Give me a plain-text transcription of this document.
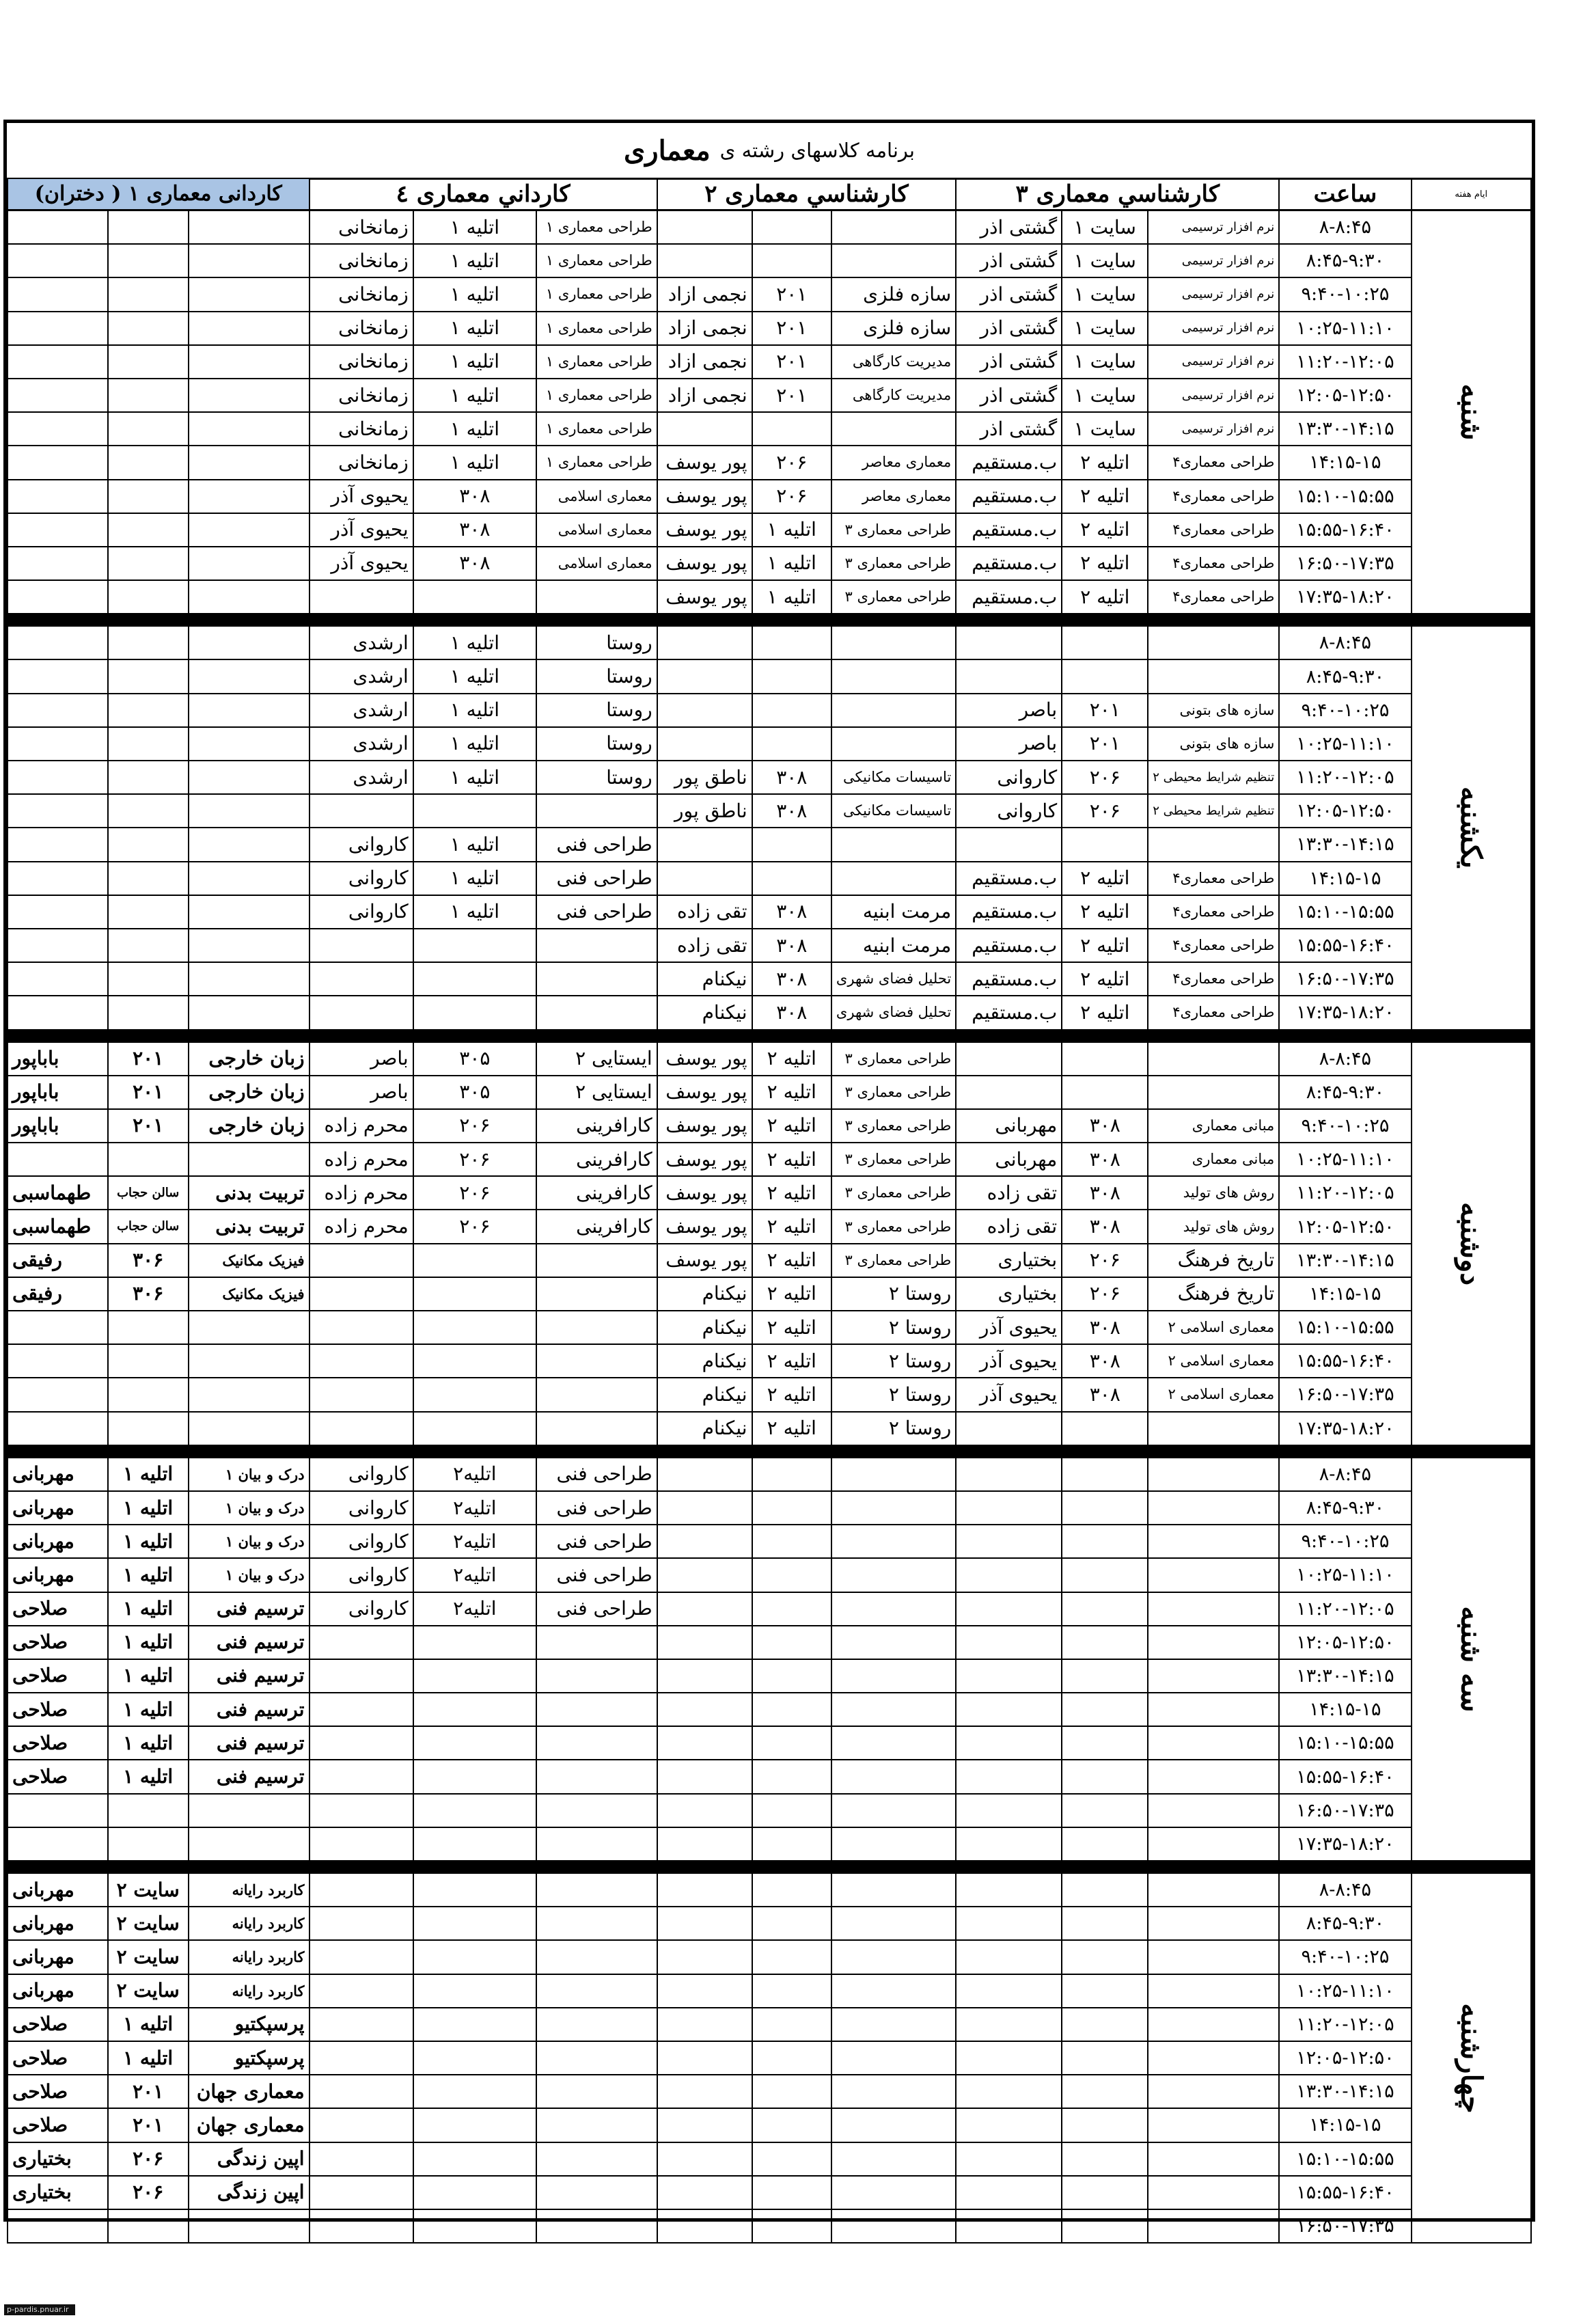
برنامه کلاسهای رشته ی
معماری
ایام هفته	ساعت	کارشناسي معماری ۳			کارشناسي معماری ۲			کارداني معماری ٤			کاردانی معماری ۱ ( دختران)		
شنبه	۸-۸:۴۵	نرم افزار ترسیمی	سایت ۱	گشتی اذر				طراحی معماری ۱	اتلیه ۱	زمانخانی			
	۸:۴۵-۹:۳۰	نرم افزار ترسیمی	سایت ۱	گشتی اذر				طراحی معماری ۱	اتلیه ۱	زمانخانی			
	۹:۴۰-۱۰:۲۵	نرم افزار ترسیمی	سایت ۱	گشتی اذر	سازه فلزی	۲۰۱	نجمی ازاد	طراحی معماری ۱	اتلیه ۱	زمانخانی			
	۱۰:۲۵-۱۱:۱۰	نرم افزار ترسیمی	سایت ۱	گشتی اذر	سازه فلزی	۲۰۱	نجمی ازاد	طراحی معماری ۱	اتلیه ۱	زمانخانی			
	۱۱:۲۰-۱۲:۰۵	نرم افزار ترسیمی	سایت ۱	گشتی اذر	مدیریت کارگاهی	۲۰۱	نجمی ازاد	طراحی معماری ۱	اتلیه ۱	زمانخانی			
	۱۲:۰۵-۱۲:۵۰	نرم افزار ترسیمی	سایت ۱	گشتی اذر	مدیریت کارگاهی	۲۰۱	نجمی ازاد	طراحی معماری ۱	اتلیه ۱	زمانخانی			
	۱۳:۳۰-۱۴:۱۵	نرم افزار ترسیمی	سایت ۱	گشتی اذر				طراحی معماری ۱	اتلیه ۱	زمانخانی			
	۱۴:۱۵-۱۵	طراحی معماری۴	اتلیه ۲	ب.مستقیم	معماری معاصر	۲۰۶	پور یوسف	طراحی معماری ۱	اتلیه ۱	زمانخانی			
	۱۵:۱۰-۱۵:۵۵	طراحی معماری۴	اتلیه ۲	ب.مستقیم	معماری معاصر	۲۰۶	پور یوسف	معماری اسلامی	۳۰۸	یحیوی آذر			
	۱۵:۵۵-۱۶:۴۰	طراحی معماری۴	اتلیه ۲	ب.مستقیم	طراحی معماری ۳	اتلیه ۱	پور یوسف	معماری اسلامی	۳۰۸	یحیوی آذر			
	۱۶:۵۰-۱۷:۳۵	طراحی معماری۴	اتلیه ۲	ب.مستقیم	طراحی معماری ۳	اتلیه ۱	پور یوسف	معماری اسلامی	۳۰۸	یحیوی آذر			
	۱۷:۳۵-۱۸:۲۰	طراحی معماری۴	اتلیه ۲	ب.مستقیم	طراحی معماری ۳	اتلیه ۱	پور یوسف						

یکشنبه	۸-۸:۴۵							روستا	اتلیه ۱	ارشدی			
	۸:۴۵-۹:۳۰							روستا	اتلیه ۱	ارشدی			
	۹:۴۰-۱۰:۲۵	سازه های بتونی	۲۰۱	باصر				روستا	اتلیه ۱	ارشدی			
	۱۰:۲۵-۱۱:۱۰	سازه های بتونی	۲۰۱	باصر				روستا	اتلیه ۱	ارشدی			
	۱۱:۲۰-۱۲:۰۵	تنظیم شرایط محیطی ۲	۲۰۶	کاروانی	تاسیسات مکانیکی	۳۰۸	ناطق پور	روستا	اتلیه ۱	ارشدی			
	۱۲:۰۵-۱۲:۵۰	تنظیم شرایط محیطی ۲	۲۰۶	کاروانی	تاسیسات مکانیکی	۳۰۸	ناطق پور						
	۱۳:۳۰-۱۴:۱۵							طراحی فنی	اتلیه ۱	کاروانی			
	۱۴:۱۵-۱۵	طراحی معماری۴	اتلیه ۲	ب.مستقیم				طراحی فنی	اتلیه ۱	کاروانی			
	۱۵:۱۰-۱۵:۵۵	طراحی معماری۴	اتلیه ۲	ب.مستقیم	مرمت ابنیه	۳۰۸	تقی زاده	طراحی فنی	اتلیه ۱	کاروانی			
	۱۵:۵۵-۱۶:۴۰	طراحی معماری۴	اتلیه ۲	ب.مستقیم	مرمت ابنیه	۳۰۸	تقی زاده						
	۱۶:۵۰-۱۷:۳۵	طراحی معماری۴	اتلیه ۲	ب.مستقیم	تحلیل فضای شهری	۳۰۸	نیکنام						
	۱۷:۳۵-۱۸:۲۰	طراحی معماری۴	اتلیه ۲	ب.مستقیم	تحلیل فضای شهری	۳۰۸	نیکنام						

دوشنبه	۸-۸:۴۵				طراحی معماری ۳	اتلیه ۲	پور یوسف	ایستایی ۲	۳۰۵	باصر	زبان خارجی	۲۰۱	باباپور
	۸:۴۵-۹:۳۰				طراحی معماری ۳	اتلیه ۲	پور یوسف	ایستایی ۲	۳۰۵	باصر	زبان خارجی	۲۰۱	باباپور
	۹:۴۰-۱۰:۲۵	مبانی معماری	۳۰۸	مهربانی	طراحی معماری ۳	اتلیه ۲	پور یوسف	کارافرینی	۲۰۶	محرم زاده	زبان خارجی	۲۰۱	باباپور
	۱۰:۲۵-۱۱:۱۰	مبانی معماری	۳۰۸	مهربانی	طراحی معماری ۳	اتلیه ۲	پور یوسف	کارافرینی	۲۰۶	محرم زاده			
	۱۱:۲۰-۱۲:۰۵	روش های تولید	۳۰۸	تقی زاده	طراحی معماری ۳	اتلیه ۲	پور یوسف	کارافرینی	۲۰۶	محرم زاده	تربیت بدنی	سالن حجاب	طهماسبی
	۱۲:۰۵-۱۲:۵۰	روش های تولید	۳۰۸	تقی زاده	طراحی معماری ۳	اتلیه ۲	پور یوسف	کارافرینی	۲۰۶	محرم زاده	تربیت بدنی	سالن حجاب	طهماسبی
	۱۳:۳۰-۱۴:۱۵	تاریخ فرهنگ	۲۰۶	بختیاری	طراحی معماری ۳	اتلیه ۲	پور یوسف				فیزیک مکانیک	۳۰۶	رفیقی
	۱۴:۱۵-۱۵	تاریخ فرهنگ	۲۰۶	بختیاری	روستا ۲	اتلیه ۲	نیکنام				فیزیک مکانیک	۳۰۶	رفیقی
	۱۵:۱۰-۱۵:۵۵	معماری اسلامی ۲	۳۰۸	یحیوی آذر	روستا ۲	اتلیه ۲	نیکنام						
	۱۵:۵۵-۱۶:۴۰	معماری اسلامی ۲	۳۰۸	یحیوی آذر	روستا ۲	اتلیه ۲	نیکنام						
	۱۶:۵۰-۱۷:۳۵	معماری اسلامی ۲	۳۰۸	یحیوی آذر	روستا ۲	اتلیه ۲	نیکنام						
	۱۷:۳۵-۱۸:۲۰				روستا ۲	اتلیه ۲	نیکنام						

سه شنبه	۸-۸:۴۵							طراحی فنی	اتلیه۲	کاروانی	درک و بیان ۱	اتلیه ۱	مهربانی
	۸:۴۵-۹:۳۰							طراحی فنی	اتلیه۲	کاروانی	درک و بیان ۱	اتلیه ۱	مهربانی
	۹:۴۰-۱۰:۲۵							طراحی فنی	اتلیه۲	کاروانی	درک و بیان ۱	اتلیه ۱	مهربانی
	۱۰:۲۵-۱۱:۱۰							طراحی فنی	اتلیه۲	کاروانی	درک و بیان ۱	اتلیه ۱	مهربانی
	۱۱:۲۰-۱۲:۰۵							طراحی فنی	اتلیه۲	کاروانی	ترسیم فنی	اتلیه ۱	صلاحی
	۱۲:۰۵-۱۲:۵۰										ترسیم فنی	اتلیه ۱	صلاحی
	۱۳:۳۰-۱۴:۱۵										ترسیم فنی	اتلیه ۱	صلاحی
	۱۴:۱۵-۱۵										ترسیم فنی	اتلیه ۱	صلاحی
	۱۵:۱۰-۱۵:۵۵										ترسیم فنی	اتلیه ۱	صلاحی
	۱۵:۵۵-۱۶:۴۰										ترسیم فنی	اتلیه ۱	صلاحی
	۱۶:۵۰-۱۷:۳۵												
	۱۷:۳۵-۱۸:۲۰												

چهارشنبه	۸-۸:۴۵										کاربرد رایانه	سایت ۲	مهربانی
	۸:۴۵-۹:۳۰										کاربرد رایانه	سایت ۲	مهربانی
	۹:۴۰-۱۰:۲۵										کاربرد رایانه	سایت ۲	مهربانی
	۱۰:۲۵-۱۱:۱۰										کاربرد رایانه	سایت ۲	مهربانی
	۱۱:۲۰-۱۲:۰۵										پرسپکتیو	اتلیه ۱	صلاحی
	۱۲:۰۵-۱۲:۵۰										پرسپکتیو	اتلیه ۱	صلاحی
	۱۳:۳۰-۱۴:۱۵										معماری جهان	۲۰۱	صلاحی
	۱۴:۱۵-۱۵										معماری جهان	۲۰۱	صلاحی
	۱۵:۱۰-۱۵:۵۵										اپین زندگی	۲۰۶	بختیاری
	۱۵:۵۵-۱۶:۴۰										اپین زندگی	۲۰۶	بختیاری
	۱۶:۵۰-۱۷:۳۵												
p-pardis.pnuar.ir
